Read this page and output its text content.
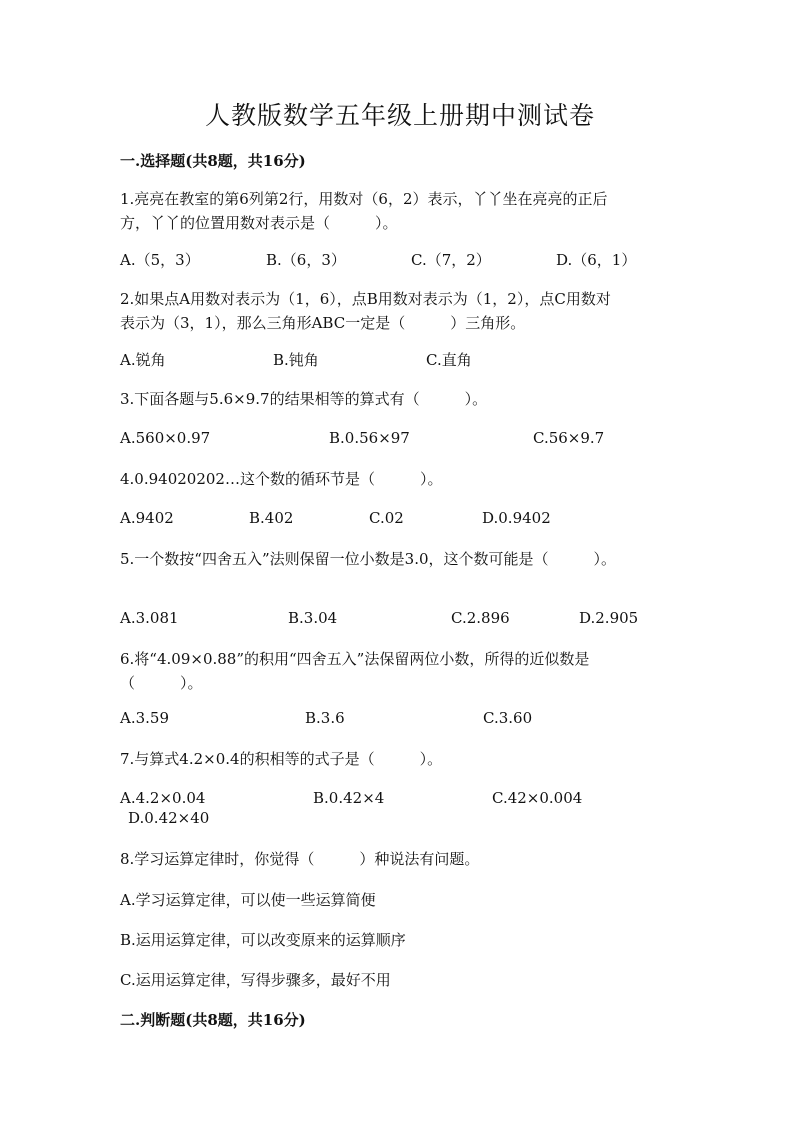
人教版数学五年级上册期中测试卷
一.选择题(共8题，共16分)
1.亮亮在教室的第6列第2行，用数对（6，2）表示，丫丫坐在亮亮的正后
方，丫丫的位置用数对表示是（　　　）。
A.（5，3）	B.（6，3）	C.（7，2）	D.（6，1）
2.如果点A用数对表示为（1，6），点B用数对表示为（1，2），点C用数对
表示为（3，1），那么三角形ABC一定是（　　　）三角形。
A.锐角	B.钝角	C.直角
3.下面各题与5.6×9.7的结果相等的算式有（　　　）。
A.560×0.97	B.0.56×97	C.56×9.7
4.0.94020202…这个数的循环节是（　　　）。
A.9402	B.402	C.02	D.0.9402
5.一个数按“四舍五入”法则保留一位小数是3.0，这个数可能是（　　　）。
A.3.081	B.3.04	C.2.896	D.2.905
6.将“4.09×0.88”的积用“四舍五入”法保留两位小数，所得的近似数是
（　　　）。
A.3.59	B.3.6	C.3.60
7.与算式4.2×0.4的积相等的式子是（　　　）。
A.4.2×0.04	B.0.42×4	C.42×0.004
D.0.42×40
8.学习运算定律时，你觉得（　　　）种说法有问题。
A.学习运算定律，可以使一些运算简便
B.运用运算定律，可以改变原来的运算顺序
C.运用运算定律，写得步骤多，最好不用
二.判断题(共8题，共16分)
